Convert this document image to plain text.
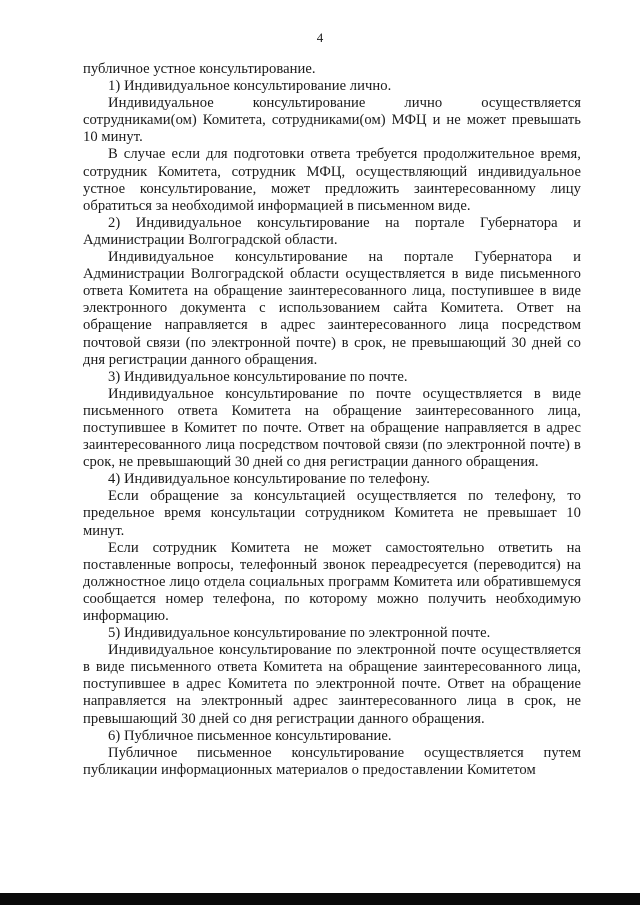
4

публичное устное консультирование.

1) Индивидуальное консультирование лично.

Индивидуальное консультирование лично осуществляется сотрудниками(ом) Комитета, сотрудниками(ом) МФЦ и не может превышать 10 минут.

В случае если для подготовки ответа требуется продолжительное время, сотрудник Комитета, сотрудник МФЦ, осуществляющий индивидуальное устное консультирование, может предложить заинтересованному лицу обратиться за необходимой информацией в письменном виде.

2) Индивидуальное консультирование на портале Губернатора и Администрации Волгоградской области.

Индивидуальное консультирование на портале Губернатора и Администрации Волгоградской области осуществляется в виде письменного ответа Комитета на обращение заинтересованного лица, поступившее в виде электронного документа с использованием сайта Комитета. Ответ на обращение направляется в адрес заинтересованного лица посредством почтовой связи (по электронной почте) в срок, не превышающий 30 дней со дня регистрации данного обращения.

3) Индивидуальное консультирование по почте.

Индивидуальное консультирование по почте осуществляется в виде письменного ответа Комитета на обращение заинтересованного лица, поступившее в Комитет по почте. Ответ на обращение направляется в адрес заинтересованного лица посредством почтовой связи (по электронной почте) в срок, не превышающий 30 дней со дня регистрации данного обращения.

4) Индивидуальное консультирование по телефону.

Если обращение за консультацией осуществляется по телефону, то предельное время консультации сотрудником Комитета не превышает 10 минут.

Если сотрудник Комитета не может самостоятельно ответить на поставленные вопросы, телефонный звонок переадресуется (переводится) на должностное лицо отдела социальных программ Комитета или обратившемуся сообщается номер телефона, по которому можно получить необходимую информацию.

5) Индивидуальное консультирование по электронной почте.

Индивидуальное консультирование по электронной почте осуществляется в виде письменного ответа Комитета на обращение заинтересованного лица, поступившее в адрес Комитета по электронной почте. Ответ на обращение направляется на электронный адрес заинтересованного лица в срок, не превышающий 30 дней со дня регистрации данного обращения.

6) Публичное письменное консультирование.

Публичное письменное консультирование осуществляется путем публикации информационных материалов о предоставлении Комитетом
